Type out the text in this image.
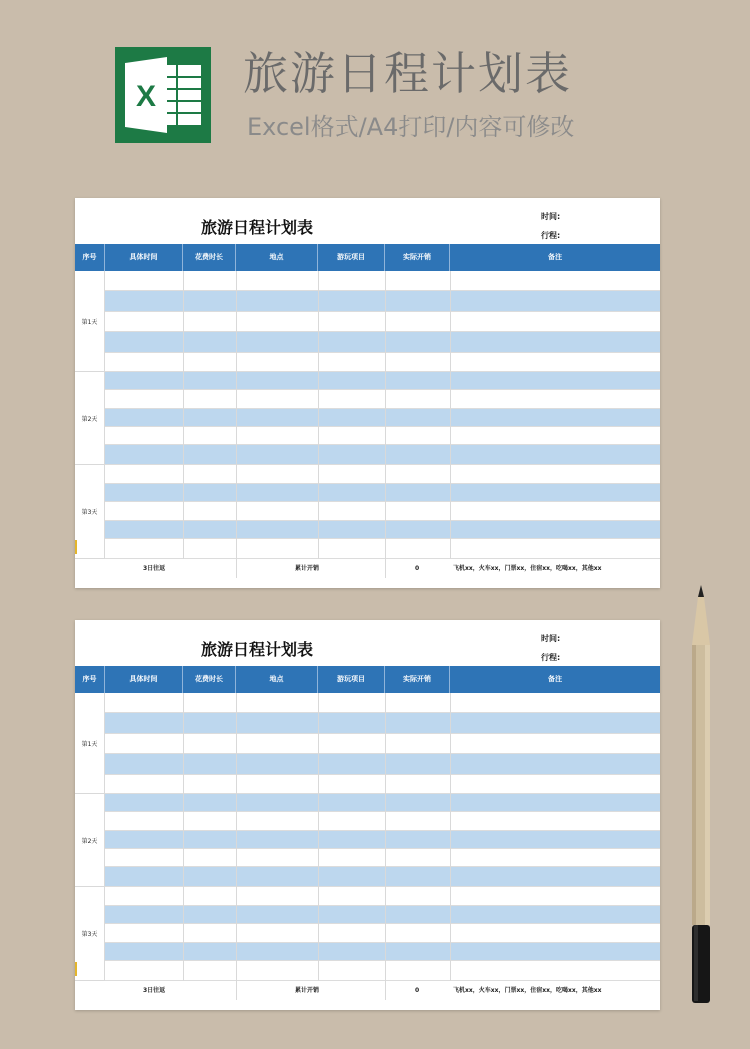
X 旅游日程计划表
Excel格式/A4打印/内容可修改
旅游日程计划表
时间:
行程:
序号	具体时间	花费时长	地点	游玩项目	实际开销	备注
第1天
第2天
第3天
3日往返	累计开销	0	飞机xx，火车xx，门票xx，住宿xx，吃喝xx，其他xx
旅游日程计划表
时间:
行程:
序号	具体时间	花费时长	地点	游玩项目	实际开销	备注
第1天
第2天
第3天
3日往返	累计开销	0	飞机xx，火车xx，门票xx，住宿xx，吃喝xx，其他xx
